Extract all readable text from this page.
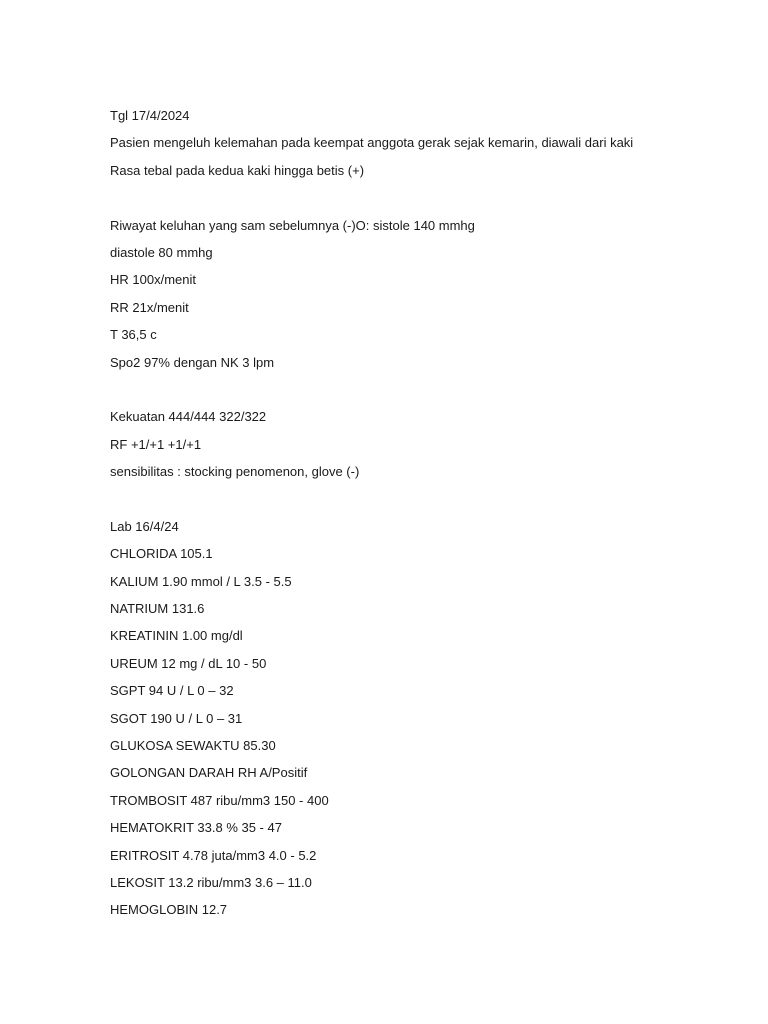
Tgl 17/4/2024
Pasien mengeluh kelemahan pada keempat anggota gerak sejak kemarin, diawali dari kaki
Rasa tebal pada kedua kaki hingga betis (+)
Riwayat keluhan yang sam sebelumnya (-)O: sistole 140 mmhg
diastole 80 mmhg
HR 100x/menit
RR 21x/menit
T 36,5 c
Spo2 97% dengan NK 3 lpm
Kekuatan 444/444 322/322
RF +1/+1 +1/+1
sensibilitas : stocking penomenon, glove (-)
Lab 16/4/24
CHLORIDA 105.1
KALIUM 1.90 mmol / L 3.5 - 5.5
NATRIUM 131.6
KREATININ 1.00 mg/dl
UREUM 12 mg / dL 10 - 50
SGPT 94 U / L 0 – 32
SGOT 190 U / L 0 – 31
GLUKOSA SEWAKTU 85.30
GOLONGAN DARAH RH A/Positif
TROMBOSIT 487 ribu/mm3 150 - 400
HEMATOKRIT 33.8 % 35 - 47
ERITROSIT 4.78 juta/mm3 4.0 - 5.2
LEKOSIT 13.2 ribu/mm3 3.6 – 11.0
HEMOGLOBIN 12.7
